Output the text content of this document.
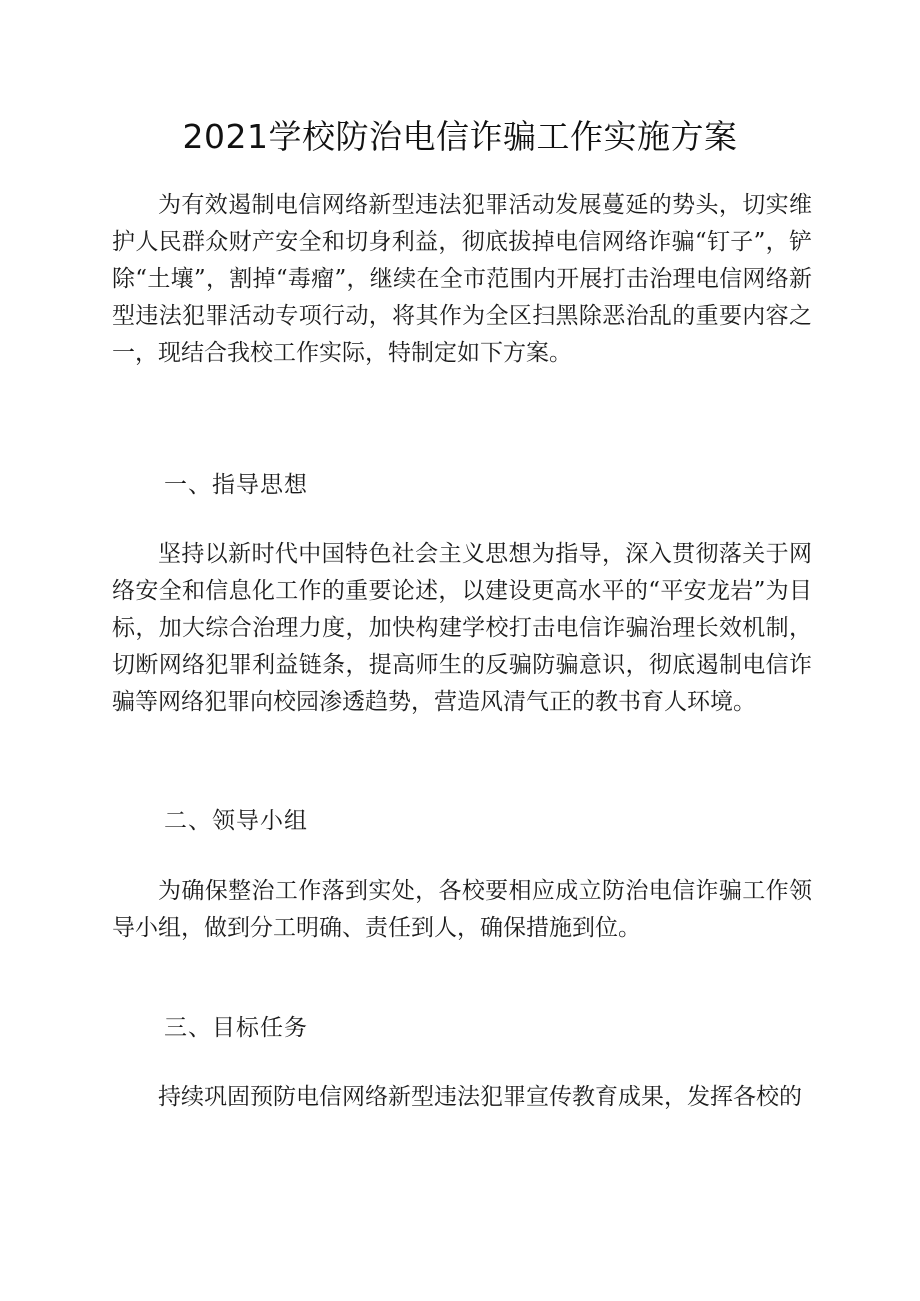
2021学校防治电信诈骗工作实施方案
为有效遏制电信网络新型违法犯罪活动发展蔓延的势头，切实维护人民群众财产安全和切身利益，彻底拔掉电信网络诈骗“钉子”，铲除“土壤”，割掉“毒瘤”，继续在全市范围内开展打击治理电信网络新型违法犯罪活动专项行动，将其作为全区扫黑除恶治乱的重要内容之一，现结合我校工作实际，特制定如下方案。
一、指导思想
坚持以新时代中国特色社会主义思想为指导，深入贯彻落关于网络安全和信息化工作的重要论述，以建设更高水平的“平安龙岩”为目标，加大综合治理力度，加快构建学校打击电信诈骗治理长效机制，切断网络犯罪利益链条，提高师生的反骗防骗意识，彻底遏制电信诈骗等网络犯罪向校园渗透趋势，营造风清气正的教书育人环境。
二、领导小组
为确保整治工作落到实处，各校要相应成立防治电信诈骗工作领导小组，做到分工明确、责任到人，确保措施到位。
三、目标任务
持续巩固预防电信网络新型违法犯罪宣传教育成果，发挥各校的
